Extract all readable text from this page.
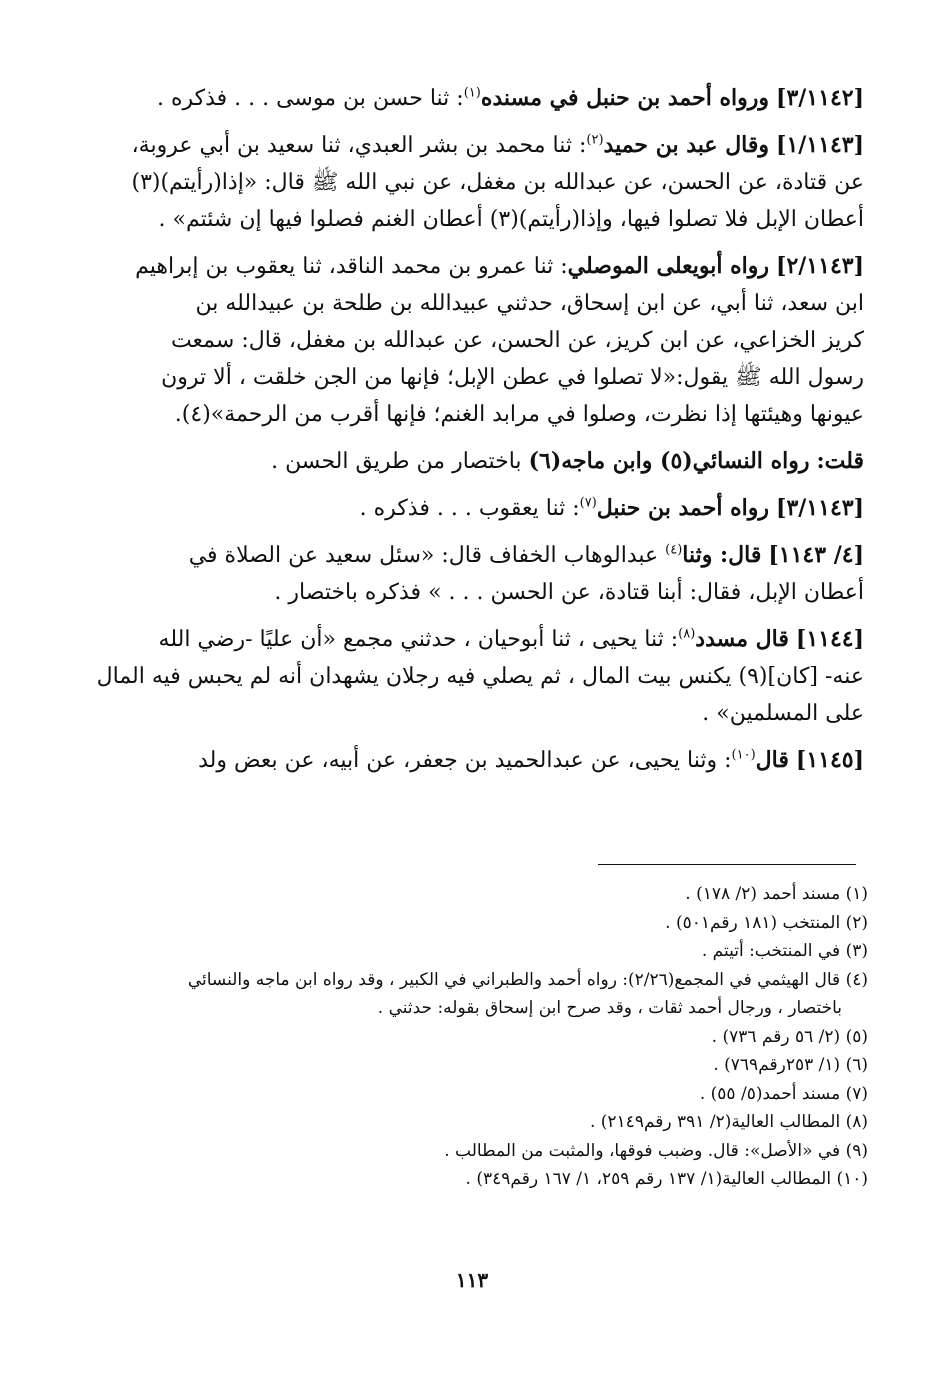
[٣/١١٤٢] ورواه أحمد بن حنبل في مسنده$^{(١)}$: ثنا حسن بن موسى . . . فذكره .

[١/١١٤٣] وقال عبد بن حميد$^{(٢)}$: ثنا محمد بن بشر العبدي، ثنا سعيد بن أبي عروبة،

عن قتادة، عن الحسن، عن عبدالله بن مغفل، عن نبي الله ﷺ قال: «إذا(رأيتم)(٣)

أعطان الإبل فلا تصلوا فيها، وإذا(رأيتم)(٣) أعطان الغنم فصلوا فيها إن شئتم» .

[٢/١١٤٣] رواه أبويعلى الموصلي: ثنا عمرو بن محمد الناقد، ثنا يعقوب بن إبراهيم

ابن سعد، ثنا أبي، عن ابن إسحاق، حدثني عبيدالله بن طلحة بن عبيدالله بن

كريز الخزاعي، عن ابن كريز، عن الحسن، عن عبدالله بن مغفل، قال: سمعت

رسول الله ﷺ يقول:«لا تصلوا في عطن الإبل؛ فإنها من الجن خلقت ، ألا ترون

عيونها وهيئتها إذا نظرت، وصلوا في مرابد الغنم؛ فإنها أقرب من الرحمة»(٤).

قلت: رواه النسائي(٥) وابن ماجه(٦) باختصار من طريق الحسن .

[٣/١١٤٣] رواه أحمد بن حنبل$^{(٧)}$: ثنا يعقوب . . . فذكره .

[٤/ ١١٤٣] قال: وثنا$^{(٤)}$ عبدالوهاب الخفاف قال: «سئل سعيد عن الصلاة في

أعطان الإبل، فقال: أبنا قتادة، عن الحسن . . . » فذكره باختصار .

[١١٤٤] قال مسدد$^{(٨)}$: ثنا يحيى ، ثنا أبوحيان ، حدثني مجمع «أن عليًا -رضي الله

عنه- [كان](٩) يكنس بيت المال ، ثم يصلي فيه رجلان يشهدان أنه لم يحبس فيه المال

على المسلمين» .

[١١٤٥] قال$^{(١٠)}$: وثنا يحيى، عن عبدالحميد بن جعفر، عن أبيه، عن بعض ولد

(١) مسند أحمد (٢/ ١٧٨) .

(٢) المنتخب (١٨١ رقم٥٠١) .

(٣) في المنتخب: أتيتم .

(٤) قال الهيثمي في المجمع(٢/٢٦): رواه أحمد والطبراني في الكبير ، وقد رواه ابن ماجه والنسائي

باختصار ، ورجال أحمد ثقات ، وقد صرح ابن إسحاق بقوله: حدثني .

(٥) (٢/ ٥٦ رقم ٧٣٦) .

(٦) (١/ ٢٥٣رقم٧٦٩) .

(٧) مسند أحمد(٥/ ٥٥) .

(٨) المطالب العالية(٢/ ٣٩١ رقم٢١٤٩) .

(٩) في «الأصل»: قال. وضبب فوقها، والمثبت من المطالب .

(١٠) المطالب العالية(١/ ١٣٧ رقم ٢٥٩، ١/ ١٦٧ رقم٣٤٩) .

١١٣
